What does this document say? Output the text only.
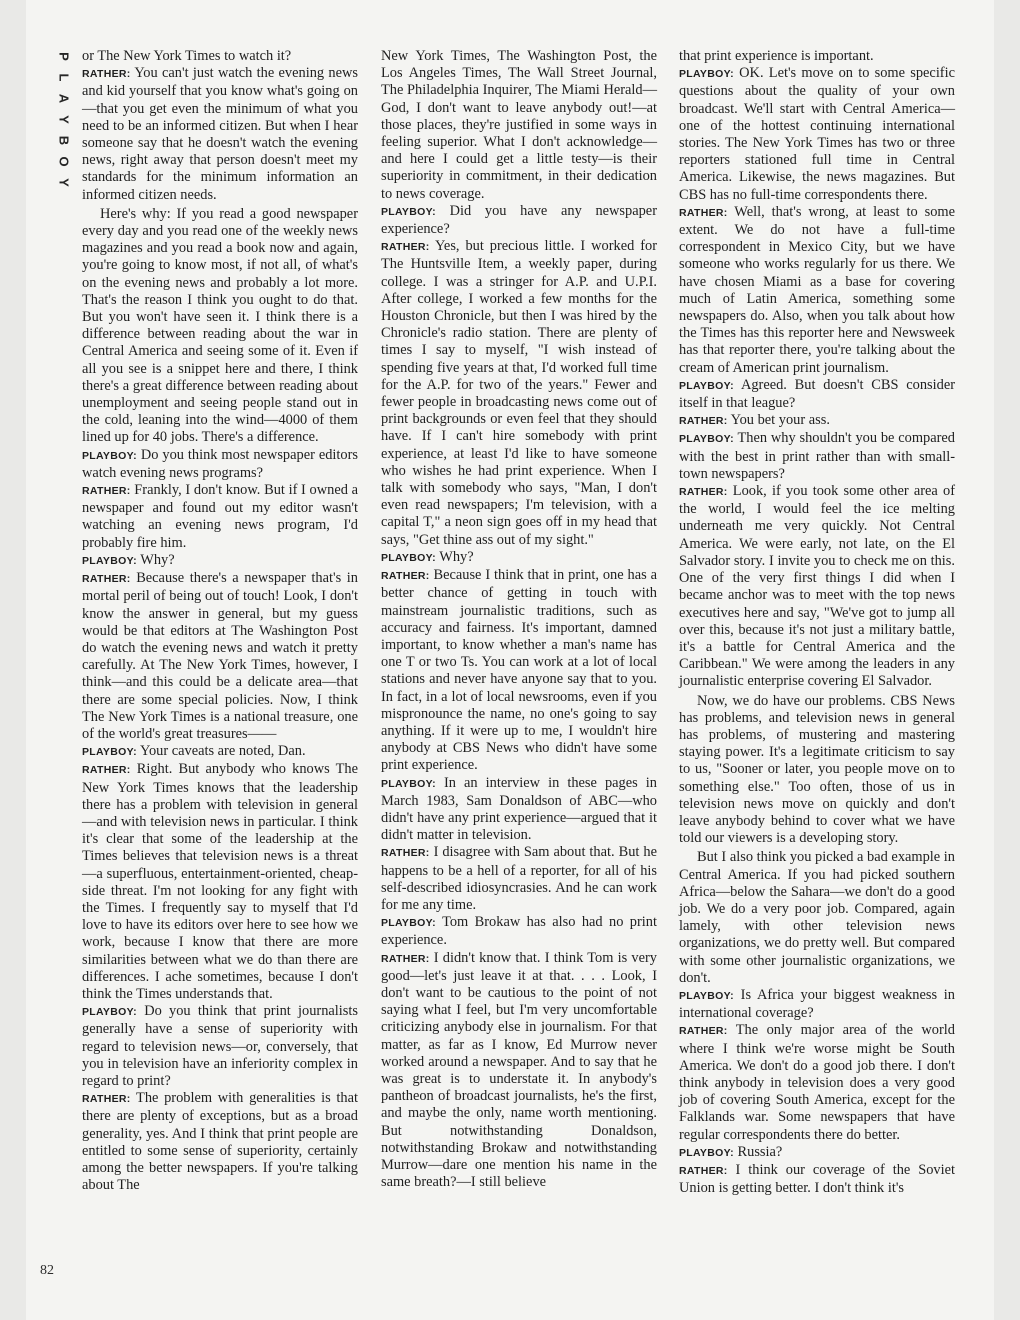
P
L
A
Y
B
O
Y

or The New York Times to watch it?

RATHER: You can't just watch the evening news and kid yourself that you know what's going on—that you get even the minimum of what you need to be an informed citizen. But when I hear someone say that he doesn't watch the evening news, right away that person doesn't meet my standards for the minimum information an informed citizen needs.

Here's why: If you read a good newspaper every day and you read one of the weekly news magazines and you read a book now and again, you're going to know most, if not all, of what's on the evening news and probably a lot more. That's the reason I think you ought to do that. But you won't have seen it. I think there is a difference between reading about the war in Central America and seeing some of it. Even if all you see is a snippet here and there, I think there's a great difference between reading about unemployment and seeing people stand out in the cold, leaning into the wind—4000 of them lined up for 40 jobs. There's a difference.

PLAYBOY: Do you think most newspaper editors watch evening news programs?

RATHER: Frankly, I don't know. But if I owned a newspaper and found out my editor wasn't watching an evening news program, I'd probably fire him.

PLAYBOY: Why?

RATHER: Because there's a newspaper that's in mortal peril of being out of touch! Look, I don't know the answer in general, but my guess would be that editors at The Washington Post do watch the evening news and watch it pretty carefully. At The New York Times, however, I think—and this could be a delicate area—that there are some special policies. Now, I think The New York Times is a national treasure, one of the world's great treasures——

PLAYBOY: Your caveats are noted, Dan.

RATHER: Right. But anybody who knows The New York Times knows that the leadership there has a problem with television in general—and with television news in particular. I think it's clear that some of the leadership at the Times believes that television news is a threat—a superfluous, entertainment-oriented, cheap-side threat. I'm not looking for any fight with the Times. I frequently say to myself that I'd love to have its editors over here to see how we work, because I know that there are more similarities between what we do than there are differences. I ache sometimes, because I don't think the Times understands that.

PLAYBOY: Do you think that print journalists generally have a sense of superiority with regard to television news—or, conversely, that you in television have an inferiority complex in regard to print?

RATHER: The problem with generalities is that there are plenty of exceptions, but as a broad generality, yes. And I think that print people are entitled to some sense of superiority, certainly among the better newspapers. If you're talking about The

New York Times, The Washington Post, the Los Angeles Times, The Wall Street Journal, The Philadelphia Inquirer, The Miami Herald—God, I don't want to leave anybody out!—at those places, they're justified in some ways in feeling superior. What I don't acknowledge—and here I could get a little testy—is their superiority in commitment, in their dedication to news coverage.

PLAYBOY: Did you have any newspaper experience?

RATHER: Yes, but precious little. I worked for The Huntsville Item, a weekly paper, during college. I was a stringer for A.P. and U.P.I. After college, I worked a few months for the Houston Chronicle, but then I was hired by the Chronicle's radio station. There are plenty of times I say to myself, "I wish instead of spending five years at that, I'd worked full time for the A.P. for two of the years." Fewer and fewer people in broadcasting news come out of print backgrounds or even feel that they should have. If I can't hire somebody with print experience, at least I'd like to have someone who wishes he had print experience. When I talk with somebody who says, "Man, I don't even read newspapers; I'm television, with a capital T," a neon sign goes off in my head that says, "Get thine ass out of my sight."

PLAYBOY: Why?

RATHER: Because I think that in print, one has a better chance of getting in touch with mainstream journalistic traditions, such as accuracy and fairness. It's important, damned important, to know whether a man's name has one T or two Ts. You can work at a lot of local stations and never have anyone say that to you. In fact, in a lot of local newsrooms, even if you mispronounce the name, no one's going to say anything. If it were up to me, I wouldn't hire anybody at CBS News who didn't have some print experience.

PLAYBOY: In an interview in these pages in March 1983, Sam Donaldson of ABC—who didn't have any print experience—argued that it didn't matter in television.

RATHER: I disagree with Sam about that. But he happens to be a hell of a reporter, for all of his self-described idiosyncrasies. And he can work for me any time.

PLAYBOY: Tom Brokaw has also had no print experience.

RATHER: I didn't know that. I think Tom is very good—let's just leave it at that. . . . Look, I don't want to be cautious to the point of not saying what I feel, but I'm very uncomfortable criticizing anybody else in journalism. For that matter, as far as I know, Ed Murrow never worked around a newspaper. And to say that he was great is to understate it. In anybody's pantheon of broadcast journalists, he's the first, and maybe the only, name worth mentioning. But notwithstanding Donaldson, notwithstanding Brokaw and notwithstanding Murrow—dare one mention his name in the same breath?—I still believe

that print experience is important.

PLAYBOY: OK. Let's move on to some specific questions about the quality of your own broadcast. We'll start with Central America—one of the hottest continuing international stories. The New York Times has two or three reporters stationed full time in Central America. Likewise, the news magazines. But CBS has no full-time correspondents there.

RATHER: Well, that's wrong, at least to some extent. We do not have a full-time correspondent in Mexico City, but we have someone who works regularly for us there. We have chosen Miami as a base for covering much of Latin America, something some newspapers do. Also, when you talk about how the Times has this reporter here and Newsweek has that reporter there, you're talking about the cream of American print journalism.

PLAYBOY: Agreed. But doesn't CBS consider itself in that league?

RATHER: You bet your ass.

PLAYBOY: Then why shouldn't you be compared with the best in print rather than with small-town newspapers?

RATHER: Look, if you took some other area of the world, I would feel the ice melting underneath me very quickly. Not Central America. We were early, not late, on the El Salvador story. I invite you to check me on this. One of the very first things I did when I became anchor was to meet with the top news executives here and say, "We've got to jump all over this, because it's not just a military battle, it's a battle for Central America and the Caribbean." We were among the leaders in any journalistic enterprise covering El Salvador.

Now, we do have our problems. CBS News has problems, and television news in general has problems, of mustering and mastering staying power. It's a legitimate criticism to say to us, "Sooner or later, you people move on to something else." Too often, those of us in television news move on quickly and don't leave anybody behind to cover what we have told our viewers is a developing story.

But I also think you picked a bad example in Central America. If you had picked southern Africa—below the Sahara—we don't do a good job. We do a very poor job. Compared, again lamely, with other television news organizations, we do pretty well. But compared with some other journalistic organizations, we don't.

PLAYBOY: Is Africa your biggest weakness in international coverage?

RATHER: The only major area of the world where I think we're worse might be South America. We don't do a good job there. I don't think anybody in television does a very good job of covering South America, except for the Falklands war. Some newspapers that have regular correspondents there do better.

PLAYBOY: Russia?

RATHER: I think our coverage of the Soviet Union is getting better. I don't think it's

82
